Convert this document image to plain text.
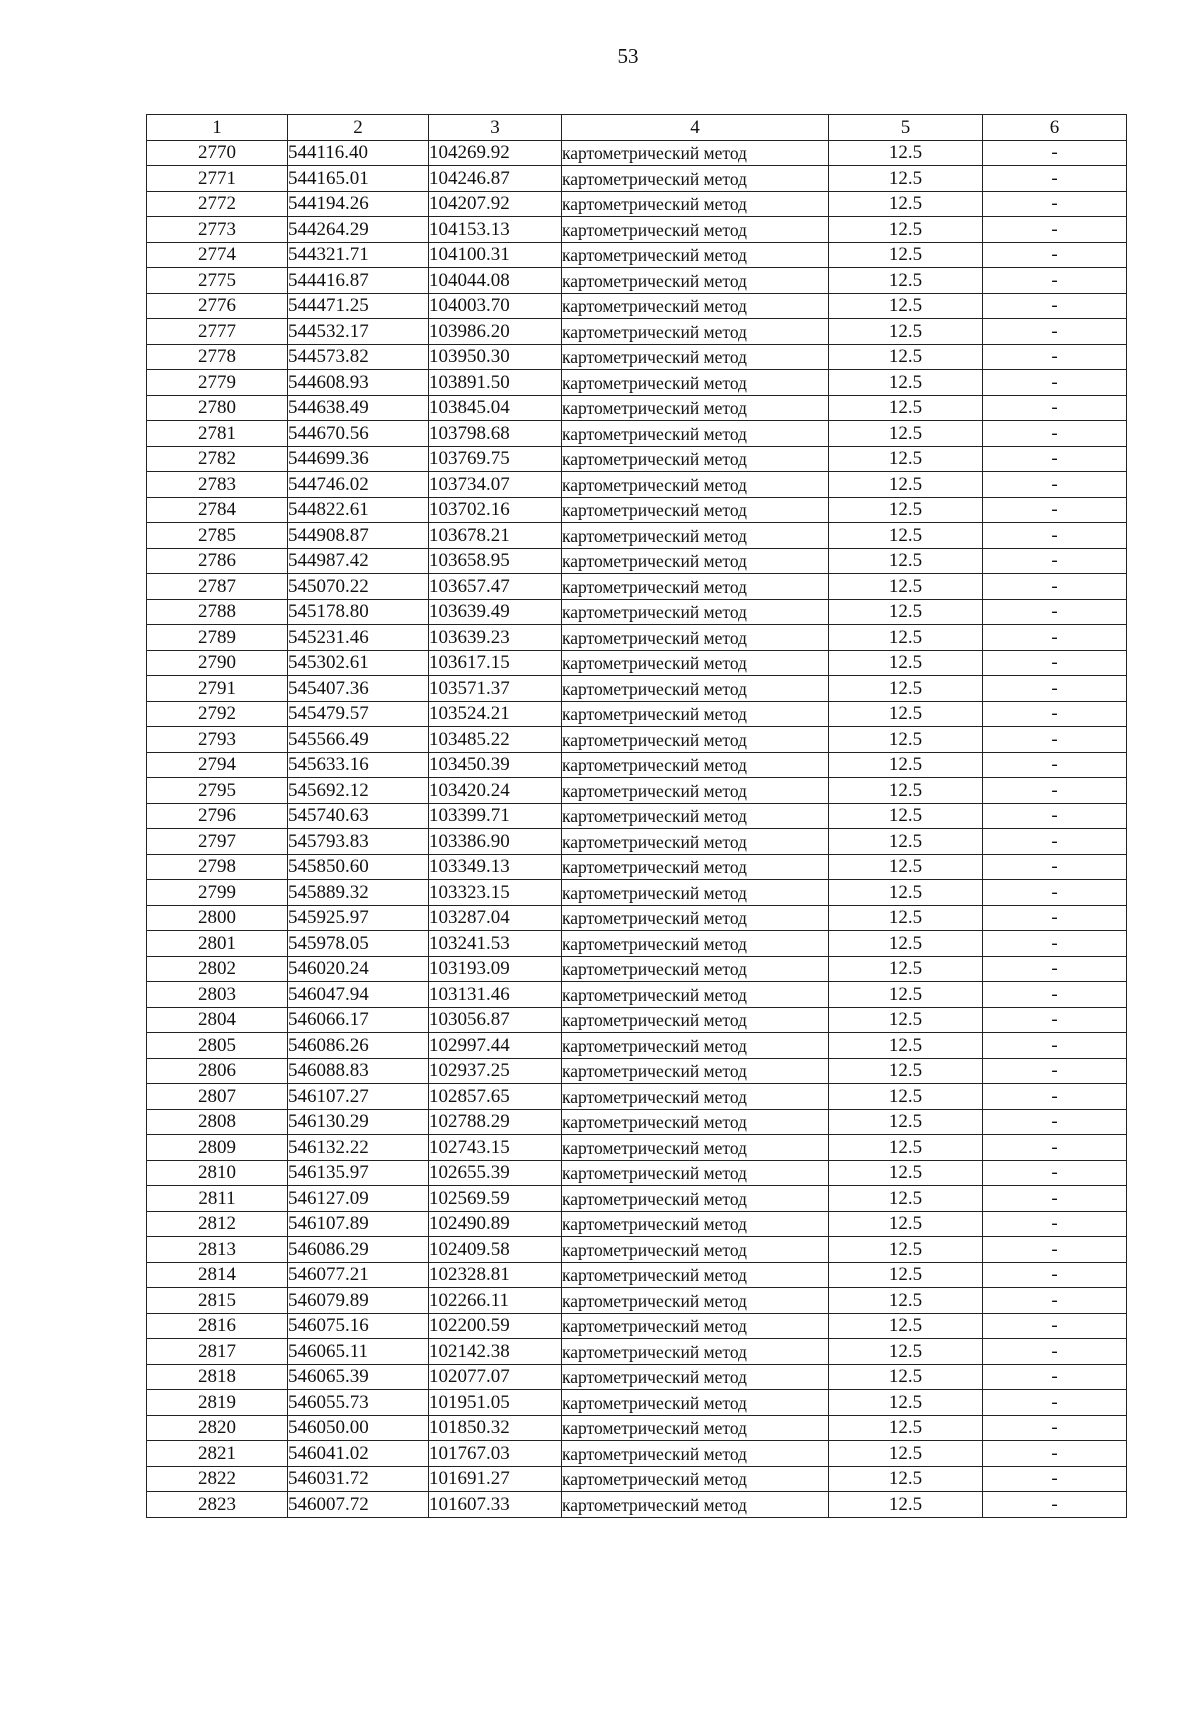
53
1	2	3	4	5	6
2770	544116.40	104269.92	картометрический метод	12.5	-
2771	544165.01	104246.87	картометрический метод	12.5	-
2772	544194.26	104207.92	картометрический метод	12.5	-
2773	544264.29	104153.13	картометрический метод	12.5	-
2774	544321.71	104100.31	картометрический метод	12.5	-
2775	544416.87	104044.08	картометрический метод	12.5	-
2776	544471.25	104003.70	картометрический метод	12.5	-
2777	544532.17	103986.20	картометрический метод	12.5	-
2778	544573.82	103950.30	картометрический метод	12.5	-
2779	544608.93	103891.50	картометрический метод	12.5	-
2780	544638.49	103845.04	картометрический метод	12.5	-
2781	544670.56	103798.68	картометрический метод	12.5	-
2782	544699.36	103769.75	картометрический метод	12.5	-
2783	544746.02	103734.07	картометрический метод	12.5	-
2784	544822.61	103702.16	картометрический метод	12.5	-
2785	544908.87	103678.21	картометрический метод	12.5	-
2786	544987.42	103658.95	картометрический метод	12.5	-
2787	545070.22	103657.47	картометрический метод	12.5	-
2788	545178.80	103639.49	картометрический метод	12.5	-
2789	545231.46	103639.23	картометрический метод	12.5	-
2790	545302.61	103617.15	картометрический метод	12.5	-
2791	545407.36	103571.37	картометрический метод	12.5	-
2792	545479.57	103524.21	картометрический метод	12.5	-
2793	545566.49	103485.22	картометрический метод	12.5	-
2794	545633.16	103450.39	картометрический метод	12.5	-
2795	545692.12	103420.24	картометрический метод	12.5	-
2796	545740.63	103399.71	картометрический метод	12.5	-
2797	545793.83	103386.90	картометрический метод	12.5	-
2798	545850.60	103349.13	картометрический метод	12.5	-
2799	545889.32	103323.15	картометрический метод	12.5	-
2800	545925.97	103287.04	картометрический метод	12.5	-
2801	545978.05	103241.53	картометрический метод	12.5	-
2802	546020.24	103193.09	картометрический метод	12.5	-
2803	546047.94	103131.46	картометрический метод	12.5	-
2804	546066.17	103056.87	картометрический метод	12.5	-
2805	546086.26	102997.44	картометрический метод	12.5	-
2806	546088.83	102937.25	картометрический метод	12.5	-
2807	546107.27	102857.65	картометрический метод	12.5	-
2808	546130.29	102788.29	картометрический метод	12.5	-
2809	546132.22	102743.15	картометрический метод	12.5	-
2810	546135.97	102655.39	картометрический метод	12.5	-
2811	546127.09	102569.59	картометрический метод	12.5	-
2812	546107.89	102490.89	картометрический метод	12.5	-
2813	546086.29	102409.58	картометрический метод	12.5	-
2814	546077.21	102328.81	картометрический метод	12.5	-
2815	546079.89	102266.11	картометрический метод	12.5	-
2816	546075.16	102200.59	картометрический метод	12.5	-
2817	546065.11	102142.38	картометрический метод	12.5	-
2818	546065.39	102077.07	картометрический метод	12.5	-
2819	546055.73	101951.05	картометрический метод	12.5	-
2820	546050.00	101850.32	картометрический метод	12.5	-
2821	546041.02	101767.03	картометрический метод	12.5	-
2822	546031.72	101691.27	картометрический метод	12.5	-
2823	546007.72	101607.33	картометрический метод	12.5	-
